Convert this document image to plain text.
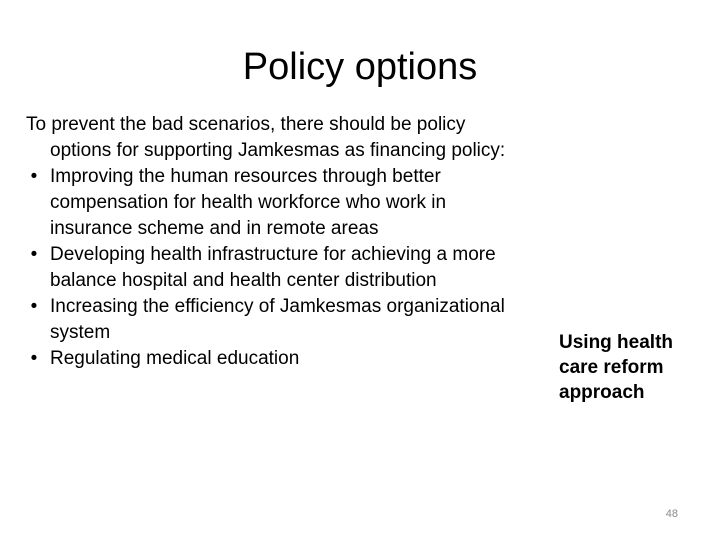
Policy options

To prevent the bad scenarios, there should be policy options for supporting Jamkesmas as financing policy:

• Improving the human resources through better compensation for health workforce who work in insurance scheme and in remote areas
• Developing health infrastructure for achieving a more balance hospital and health center distribution
• Increasing the efficiency of Jamkesmas organizational system
• Regulating medical education
Using health care reform approach
48
